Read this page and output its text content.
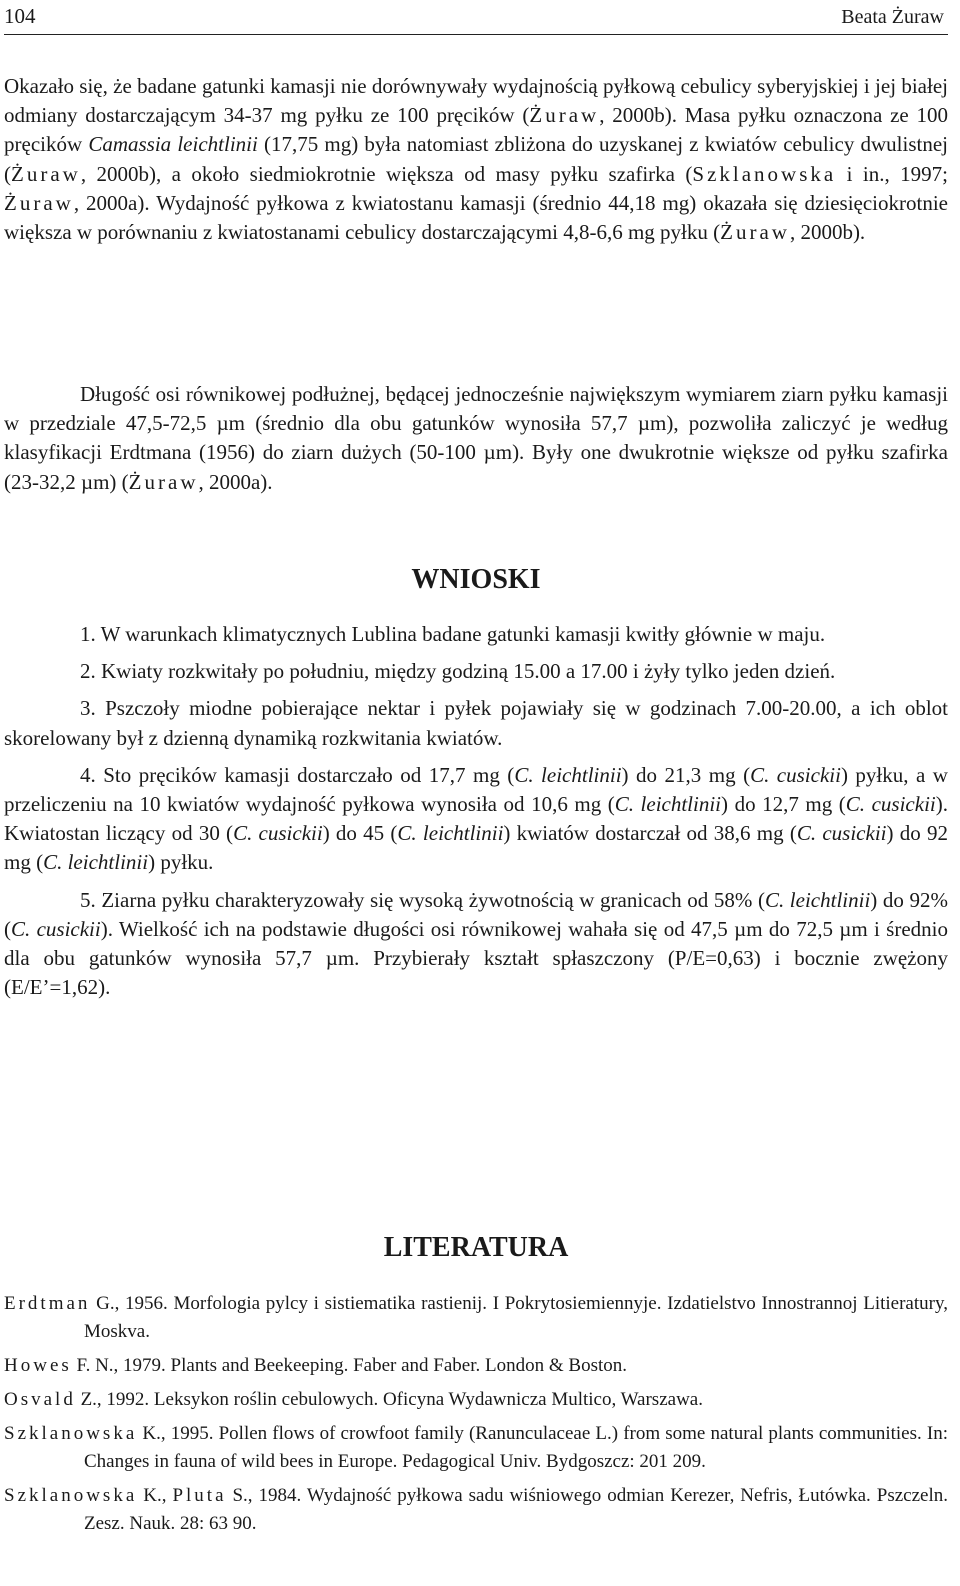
104	Beata Żuraw

Okazało się, że badane gatunki kamasji nie dorównywały wydajnością pyłkową cebulicy syberyjskiej i jej białej odmiany dostarczającym 34-37 mg pyłku ze 100 pręcików (Żuraw, 2000b). Masa pyłku oznaczona ze 100 pręcików Camassia leichtlinii (17,75 mg) była natomiast zbliżona do uzyskanej z kwiatów cebulicy dwulistnej (Żuraw, 2000b), a około siedmiokrotnie większa od masy pyłku szafirka (Szklanowska i in., 1997; Żuraw, 2000a). Wydajność pyłkowa z kwiatostanu kamasji (średnio 44,18 mg) okazała się dziesięciokrotnie większa w porównaniu z kwiatostanami cebulicy dostarczającymi 4,8-6,6 mg pyłku (Żuraw, 2000b).

Długość osi równikowej podłużnej, będącej jednocześnie największym wymiarem ziarn pyłku kamasji w przedziale 47,5-72,5 µm (średnio dla obu gatunków wynosiła 57,7 µm), pozwoliła zaliczyć je według klasyfikacji Erdtmana (1956) do ziarn dużych (50-100 µm). Były one dwukrotnie większe od pyłku szafirka (23-32,2 µm) (Żuraw, 2000a).

WNIOSKI

1. W warunkach klimatycznych Lublina badane gatunki kamasji kwitły głównie w maju.

2. Kwiaty rozkwitały po południu, między godziną 15.00 a 17.00 i żyły tylko jeden dzień.

3. Pszczoły miodne pobierające nektar i pyłek pojawiały się w godzinach 7.00-20.00, a ich oblot skorelowany był z dzienną dynamiką rozkwitania kwiatów.

4. Sto pręcików kamasji dostarczało od 17,7 mg (C. leichtlinii) do 21,3 mg (C. cusickii) pyłku, a w przeliczeniu na 10 kwiatów wydajność pyłkowa wynosiła od 10,6 mg (C. leichtlinii) do 12,7 mg (C. cusickii). Kwiatostan liczący od 30 (C. cusickii) do 45 (C. leichtlinii) kwiatów dostarczał od 38,6 mg (C. cusickii) do 92 mg (C. leichtlinii) pyłku.

5. Ziarna pyłku charakteryzowały się wysoką żywotnością w granicach od 58% (C. leichtlinii) do 92% (C. cusickii). Wielkość ich na podstawie długości osi równikowej wahała się od 47,5 µm do 72,5 µm i średnio dla obu gatunków wynosiła 57,7 µm. Przybierały kształt spłaszczony (P/E=0,63) i bocznie zwężony (E/E’=1,62).

LITERATURA

Erdtman G., 1956. Morfologia pylcy i sistiematika rastienij. I Pokrytosiemiennyje. Izdatielstvo Innostrannoj Litieratury, Moskva.

Howes F. N., 1979. Plants and Beekeeping. Faber and Faber. London & Boston.

Osvald Z., 1992. Leksykon roślin cebulowych. Oficyna Wydawnicza Multico, Warszawa.

Szklanowska K., 1995. Pollen flows of crowfoot family (Ranunculaceae L.) from some natural plants communities. In: Changes in fauna of wild bees in Europe. Pedagogical Univ. Bydgoszcz: 201 209.

Szklanowska K., Pluta S., 1984. Wydajność pyłkowa sadu wiśniowego odmian Kerezer, Nefris, Łutówka. Pszczeln. Zesz. Nauk. 28: 63 90.
